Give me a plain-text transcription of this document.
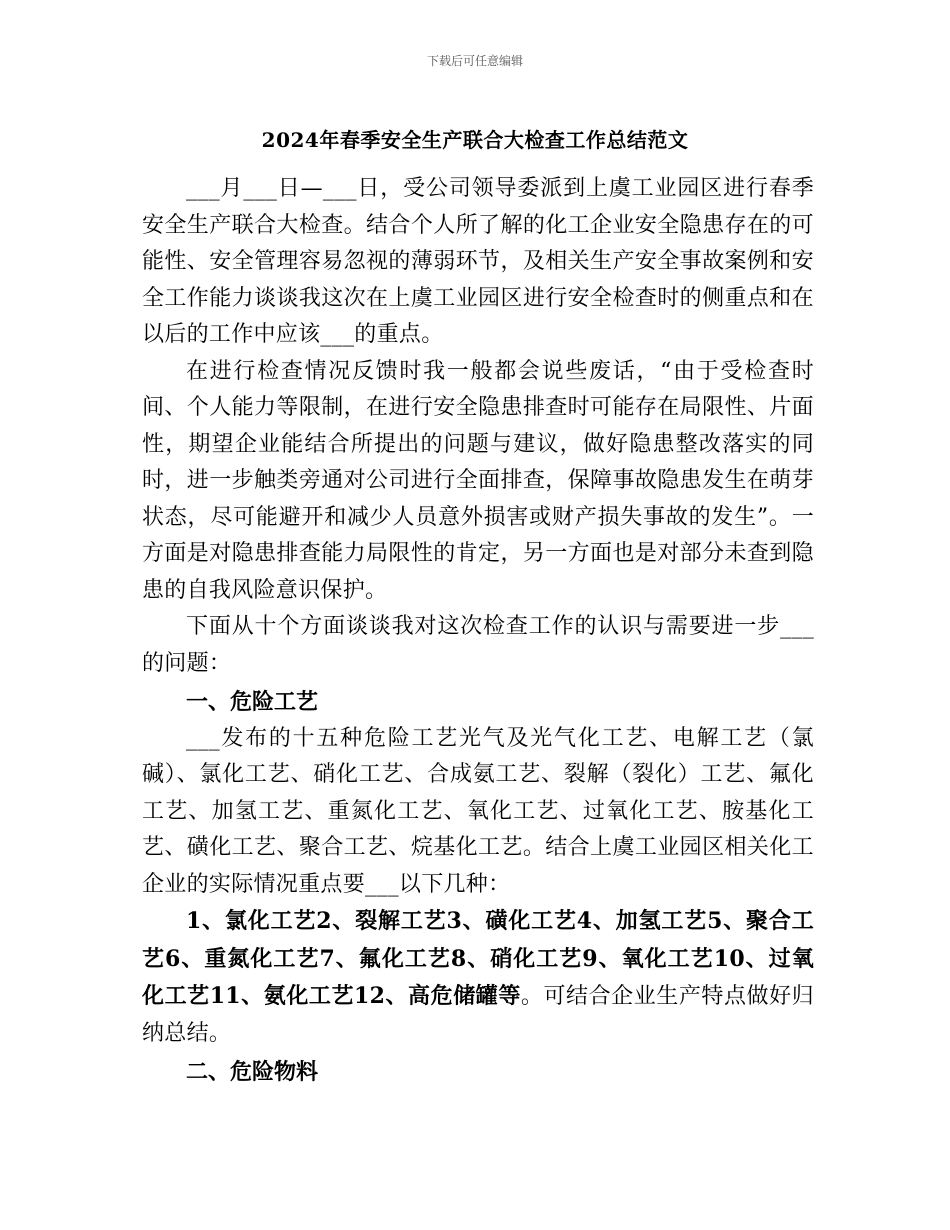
下载后可任意编辑
2024年春季安全生产联合大检查工作总结范文

___月___日—___日，受公司领导委派到上虞工业园区进行春季安全生产联合大检查。结合个人所了解的化工企业安全隐患存在的可能性、安全管理容易忽视的薄弱环节，及相关生产安全事故案例和安全工作能力谈谈我这次在上虞工业园区进行安全检查时的侧重点和在以后的工作中应该___的重点。

在进行检查情况反馈时我一般都会说些废话，“由于受检查时间、个人能力等限制，在进行安全隐患排查时可能存在局限性、片面性，期望企业能结合所提出的问题与建议，做好隐患整改落实的同时，进一步触类旁通对公司进行全面排查，保障事故隐患发生在萌芽状态，尽可能避开和减少人员意外损害或财产损失事故的发生”。一方面是对隐患排查能力局限性的肯定，另一方面也是对部分未查到隐患的自我风险意识保护。

下面从十个方面谈谈我对这次检查工作的认识与需要进一步___的问题：

一、危险工艺

___发布的十五种危险工艺光气及光气化工艺、电解工艺（氯碱）、氯化工艺、硝化工艺、合成氨工艺、裂解（裂化）工艺、氟化工艺、加氢工艺、重氮化工艺、氧化工艺、过氧化工艺、胺基化工艺、磺化工艺、聚合工艺、烷基化工艺。结合上虞工业园区相关化工企业的实际情况重点要___以下几种：

1、氯化工艺2、裂解工艺3、磺化工艺4、加氢工艺5、聚合工艺6、重氮化工艺7、氟化工艺8、硝化工艺9、氧化工艺10、过氧化工艺11、氨化工艺12、高危储罐等。可结合企业生产特点做好归纳总结。

二、危险物料
